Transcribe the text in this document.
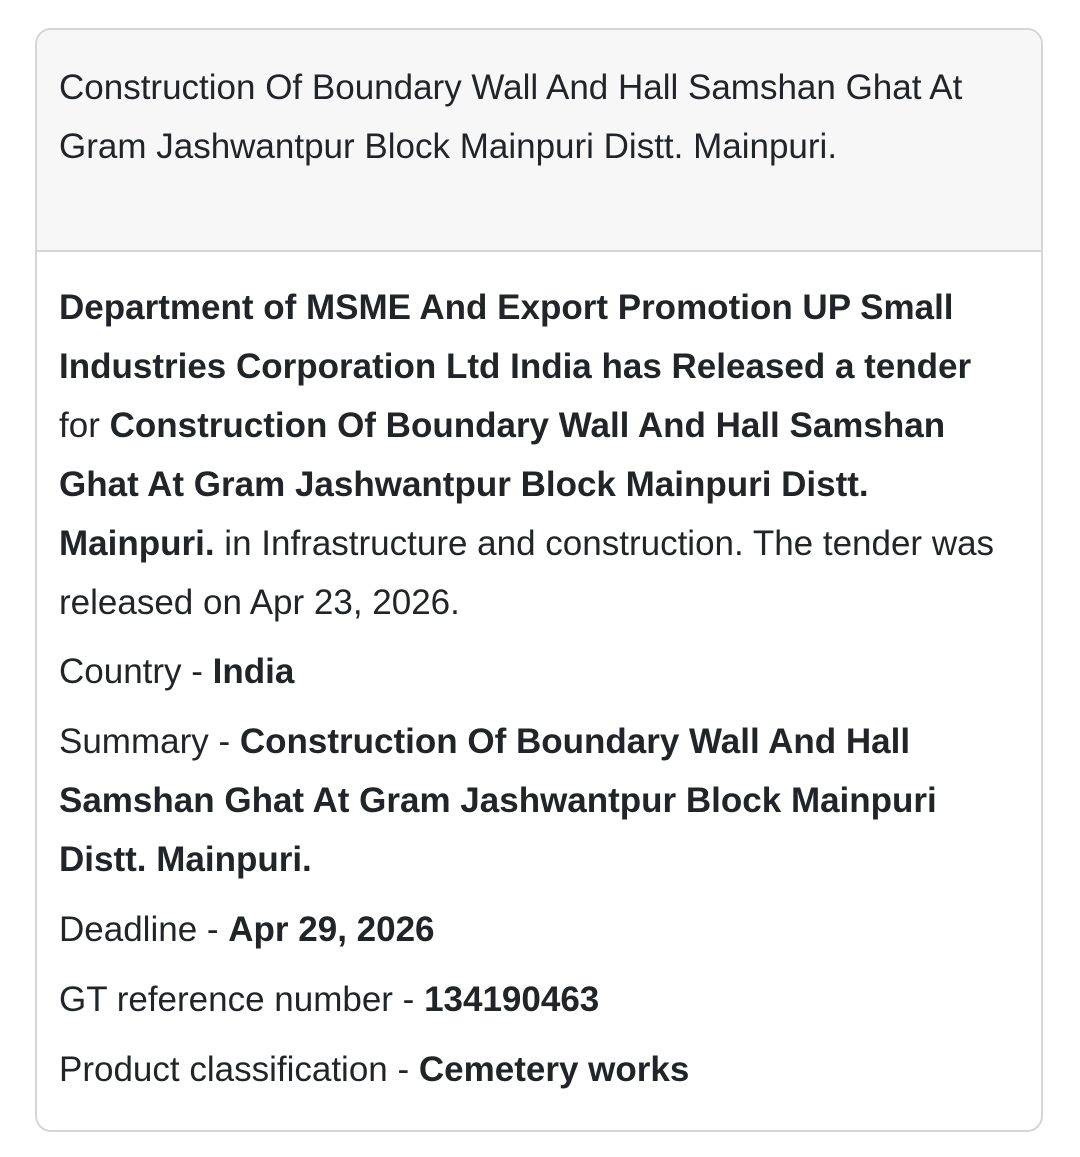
Construction Of Boundary Wall And Hall Samshan Ghat At Gram Jashwantpur Block Mainpuri Distt. Mainpuri.

Department of MSME And Export Promotion UP Small Industries Corporation Ltd India has Released a tender for Construction Of Boundary Wall And Hall Samshan Ghat At Gram Jashwantpur Block Mainpuri Distt. Mainpuri. in Infrastructure and construction. The tender was released on Apr 23, 2026.

Country - India

Summary - Construction Of Boundary Wall And Hall Samshan Ghat At Gram Jashwantpur Block Mainpuri Distt. Mainpuri.

Deadline - Apr 29, 2026

GT reference number - 134190463

Product classification - Cemetery works
